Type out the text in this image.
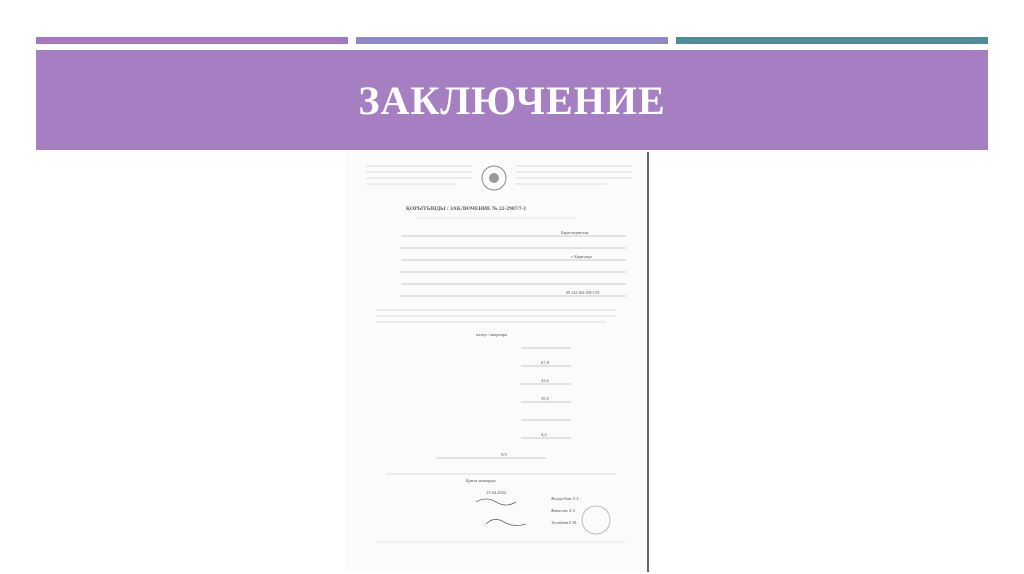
ЗАКЛЮЧЕНИЕ
ҚОРЫТЫНДЫ / ЗАКЛЮЧЕНИЕ № 22-2907/7-1
Карагандинская
г. Караганда
89:142:184:108:1:95
пәтер / квартира
67,8
43,6
39,5
4,2
9/3
Қанта жанарды
15.04.2022
Жолдасбаев А.З.
Жанасова А.З.
Туганбаев Б.М.
